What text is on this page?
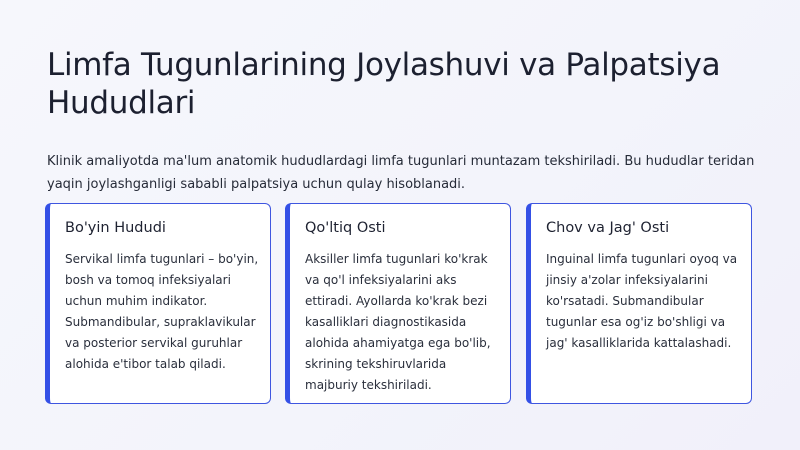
Limfa Tugunlarining Joylashuvi va Palpatsiya Hududlari

Klinik amaliyotda ma'lum anatomik hududlardagi limfa tugunlari muntazam tekshiriladi. Bu hududlar teridan yaqin joylashganligi sababli palpatsiya uchun qulay hisoblanadi.

Bo'yin Hududi

Servikal limfa tugunlari – bo'yin, bosh va tomoq infeksiyalari uchun muhim indikator. Submandibular, supraklavikular va posterior servikal guruhlar alohida e'tibor talab qiladi.

Qo'ltiq Osti

Aksiller limfa tugunlari ko'krak va qo'l infeksiyalarini aks ettiradi. Ayollarda ko'krak bezi kasalliklari diagnostikasida alohida ahamiyatga ega bo'lib, skrining tekshiruvlarida majburiy tekshiriladi.

Chov va Jag' Osti

Inguinal limfa tugunlari oyoq va jinsiy a'zolar infeksiyalarini ko'rsatadi. Submandibular tugunlar esa og'iz bo'shligi va jag' kasalliklarida kattalashadi.
